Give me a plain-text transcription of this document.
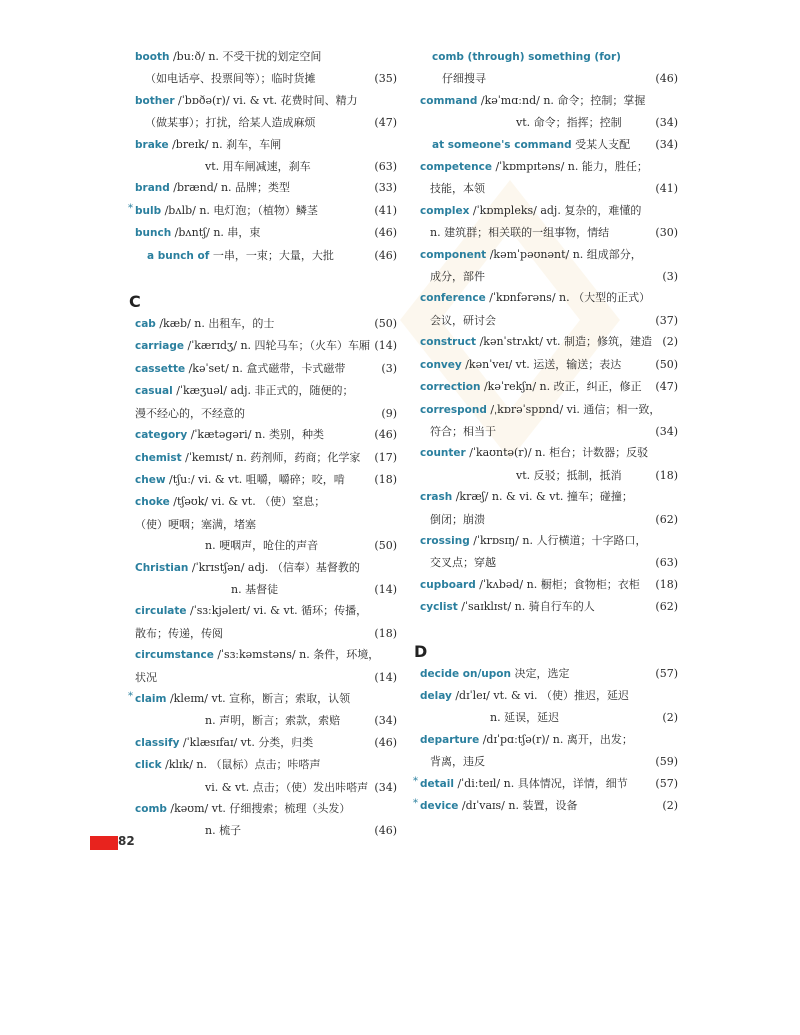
booth /buːð/ n. 不受干扰的划定空间
（如电话亭、投票间等）；临时货摊	(35)
bother /ˈbɒðə(r)/ vi. & vt. 花费时间、精力
（做某事）；打扰，给某人造成麻烦	(47)
brake /breɪk/ n. 刹车，车闸
vt. 用车闸减速，刹车	(63)
brand /brænd/ n. 品牌；类型	(33)
* bulb /bʌlb/ n. 电灯泡；（植物）鳞茎	(41)
bunch /bʌntʃ/ n. 串，束	(46)
a bunch of 一串，一束；大量，大批	(46)
C
cab /kæb/ n. 出租车，的士	(50)
carriage /ˈkærɪdʒ/ n. 四轮马车；（火车）车厢 (14)
cassette /kəˈset/ n. 盒式磁带，卡式磁带	(3)
casual /ˈkæʒuəl/ adj. 非正式的，随便的；
漫不经心的，不经意的	(9)
category /ˈkætəgəri/ n. 类别，种类	(46)
chemist /ˈkemɪst/ n. 药剂师，药商；化学家	(17)
chew /tʃuː/ vi. & vt. 咀嚼，嚼碎；咬，啃	(18)
choke /tʃəʊk/ vi. & vt. （使）窒息；
（使）哽咽；塞满，堵塞
n. 哽咽声，呛住的声音	(50)
Christian /ˈkrɪstʃən/ adj. （信奉）基督教的
n. 基督徒	(14)
circulate /ˈsɜːkjəleɪt/ vi. & vt. 循环；传播，
散布；传递，传阅	(18)
circumstance /ˈsɜːkəmstəns/ n. 条件，环境，
状况	(14)
* claim /kleɪm/ vt. 宣称，断言；索取，认领
n. 声明，断言；索款，索赔	(34)
classify /ˈklæsɪfaɪ/ vt. 分类，归类	(46)
click /klɪk/ n. （鼠标）点击；咔嗒声
vi. & vt. 点击；（使）发出咔嗒声 (34)
comb /kəʊm/ vt. 仔细搜索；梳理（头发）
n. 梳子	(46)
comb (through) something (for)
仔细搜寻	(46)
command /kəˈmɑːnd/ n. 命令；控制；掌握
vt. 命令；指挥；控制	(34)
at someone's command 受某人支配	(34)
competence /ˈkɒmpɪtəns/ n. 能力，胜任；
技能，本领	(41)
complex /ˈkɒmpleks/ adj. 复杂的，难懂的
n. 建筑群；相关联的一组事物，情结	(30)
component /kəmˈpəʊnənt/ n. 组成部分，
成分，部件	(3)
conference /ˈkɒnfərəns/ n. （大型的正式）
会议，研讨会	(37)
construct /kənˈstrʌkt/ vt. 制造；修筑，建造 (2)
convey /kənˈveɪ/ vt. 运送，输送；表达	(50)
correction /kəˈrekʃn/ n. 改正，纠正，修正	(47)
correspond /ˌkɒrəˈspɒnd/ vi. 通信；相一致，
符合；相当于	(34)
counter /ˈkaʊntə(r)/ n. 柜台；计数器；反驳
vt. 反驳；抵制，抵消	(18)
crash /kræʃ/ n. & vi. & vt. 撞车；碰撞；
倒闭；崩溃	(62)
crossing /ˈkrɒsɪŋ/ n. 人行横道；十字路口，
交叉点；穿越	(63)
cupboard /ˈkʌbəd/ n. 橱柜；食物柜；衣柜	(18)
cyclist /ˈsaɪklɪst/ n. 骑自行车的人	(62)
D
decide on/upon 决定，选定	(57)
delay /dɪˈleɪ/ vt. & vi. （使）推迟，延迟
n. 延误，延迟	(2)
departure /dɪˈpɑːtʃə(r)/ n. 离开，出发；
背离，违反	(59)
* detail /ˈdiːteɪl/ n. 具体情况，详情，细节	(57)
* device /dɪˈvaɪs/ n. 装置，设备	(2)
82
